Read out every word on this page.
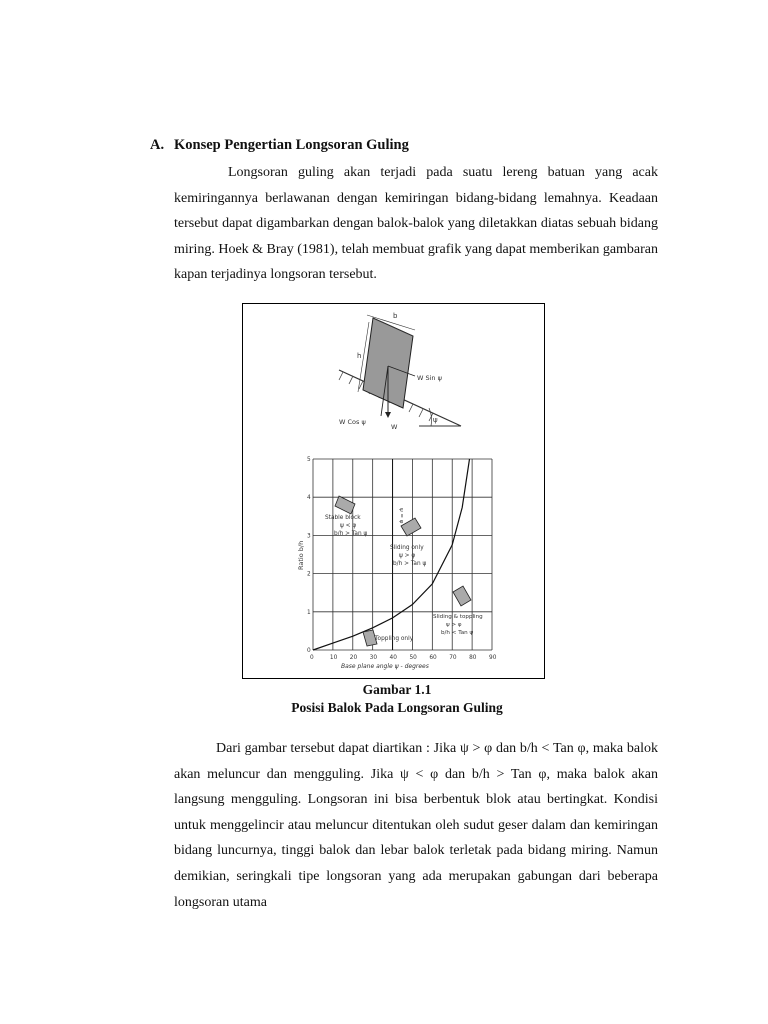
A. Konsep Pengertian Longsoran Guling
Longsoran guling akan terjadi pada suatu lereng batuan yang acak kemiringannya berlawanan dengan kemiringan bidang-bidang lemahnya. Keadaan tersebut dapat digambarkan dengan balok-balok yang diletakkan diatas sebuah bidang miring. Hoek & Bray (1981), telah membuat grafik yang dapat memberikan gambaran kapan terjadinya longsoran tersebut.
b
h
W Sin ψ
W Cos ψ
W
ψ
0	10 20 30 40 50 60 70 80 90
0
1
2
3
4
5
ψ = φ
Ratio b/h
Base plane angle ψ - degrees
Stable block
ψ < φ
b/h > Tan ψ
Sliding only
ψ > φ
b/h > Tan ψ
Sliding & toppling
ψ > φ
b/h < Tan ψ
Toppling only
Gambar 1.1
Posisi Balok Pada Longsoran Guling
Dari gambar tersebut dapat diartikan : Jika ψ > φ dan b/h < Tan φ, maka balok akan meluncur dan mengguling. Jika ψ < φ dan b/h > Tan φ, maka balok akan langsung mengguling. Longsoran ini bisa berbentuk blok atau bertingkat. Kondisi untuk menggelincir atau meluncur ditentukan oleh sudut geser dalam dan kemiringan bidang luncurnya, tinggi balok dan lebar balok terletak pada bidang miring. Namun demikian, seringkali tipe longsoran yang ada merupakan gabungan dari beberapa longsoran utama
